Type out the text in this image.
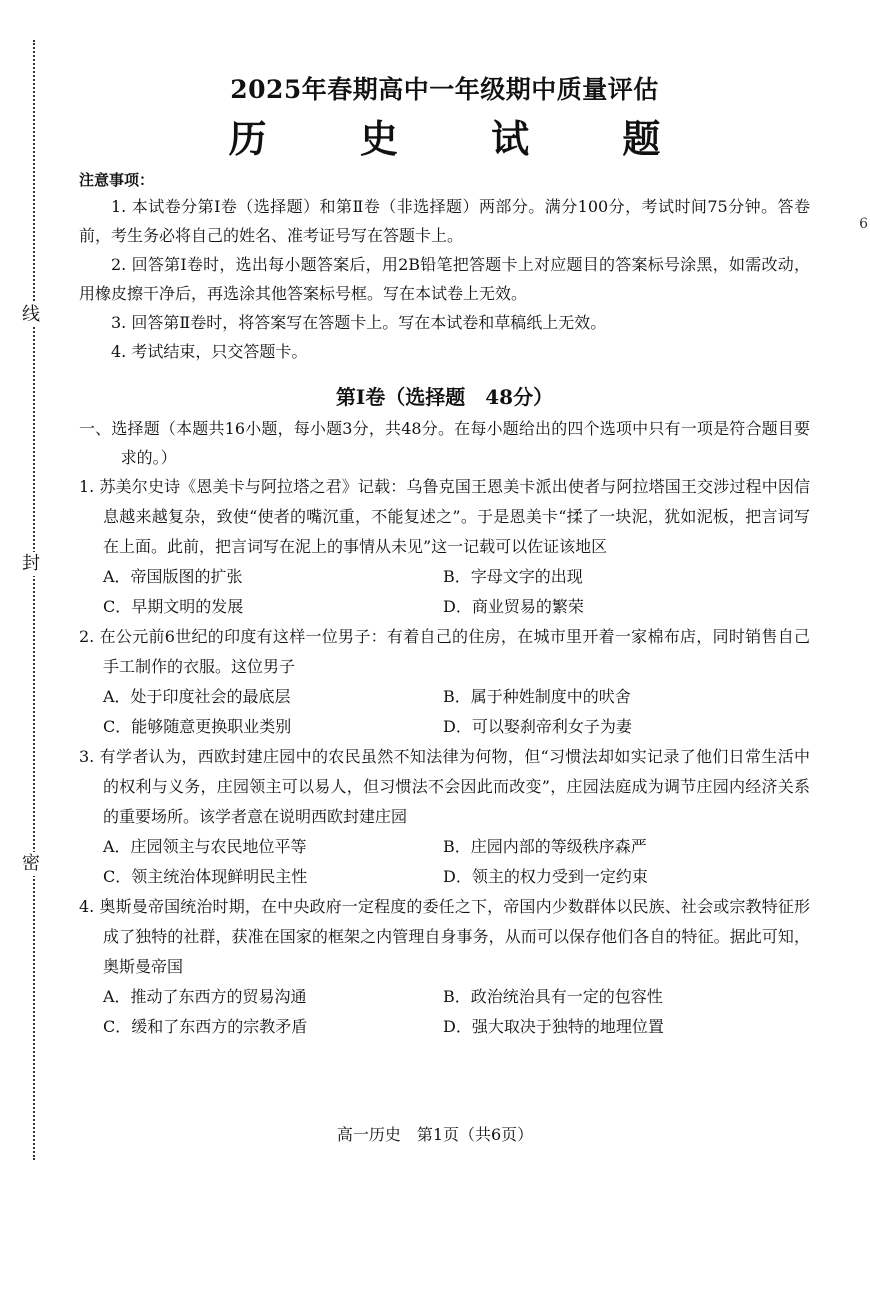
线
封
密
6
2025年春期高中一年级期中质量评估
历 史 试 题

注意事项：

1. 本试卷分第Ⅰ卷（选择题）和第Ⅱ卷（非选择题）两部分。满分100分，考试时间75分钟。答卷前，考生务必将自己的姓名、准考证号写在答题卡上。

2. 回答第Ⅰ卷时，选出每小题答案后，用2B铅笔把答题卡上对应题目的答案标号涂黑，如需改动，用橡皮擦干净后，再选涂其他答案标号框。写在本试卷上无效。

3. 回答第Ⅱ卷时，将答案写在答题卡上。写在本试卷和草稿纸上无效。

4. 考试结束，只交答题卡。

第Ⅰ卷（选择题　48分）

一、选择题（本题共16小题，每小题3分，共48分。在每小题给出的四个选项中只有一项是符合题目要求的。）

1. 苏美尔史诗《恩美卡与阿拉塔之君》记载：乌鲁克国王恩美卡派出使者与阿拉塔国王交涉过程中因信息越来越复杂，致使“使者的嘴沉重，不能复述之”。于是恩美卡“揉了一块泥，犹如泥板，把言词写在上面。此前，把言词写在泥上的事情从未见”这一记载可以佐证该地区

A．帝国版图的扩张	B．字母文字的出现
C．早期文明的发展	D．商业贸易的繁荣

2. 在公元前6世纪的印度有这样一位男子：有着自己的住房，在城市里开着一家棉布店，同时销售自己手工制作的衣服。这位男子

A．处于印度社会的最底层	B．属于种姓制度中的吠舍
C．能够随意更换职业类别	D．可以娶刹帝利女子为妻

3. 有学者认为，西欧封建庄园中的农民虽然不知法律为何物，但“习惯法却如实记录了他们日常生活中的权利与义务，庄园领主可以易人，但习惯法不会因此而改变”，庄园法庭成为调节庄园内经济关系的重要场所。该学者意在说明西欧封建庄园

A．庄园领主与农民地位平等	B．庄园内部的等级秩序森严
C．领主统治体现鲜明民主性	D．领主的权力受到一定约束

4. 奥斯曼帝国统治时期，在中央政府一定程度的委任之下，帝国内少数群体以民族、社会或宗教特征形成了独特的社群，获准在国家的框架之内管理自身事务，从而可以保存他们各自的特征。据此可知，奥斯曼帝国

A．推动了东西方的贸易沟通	B．政治统治具有一定的包容性
C．缓和了东西方的宗教矛盾	D．强大取决于独特的地理位置
高一历史　第1页（共6页）
